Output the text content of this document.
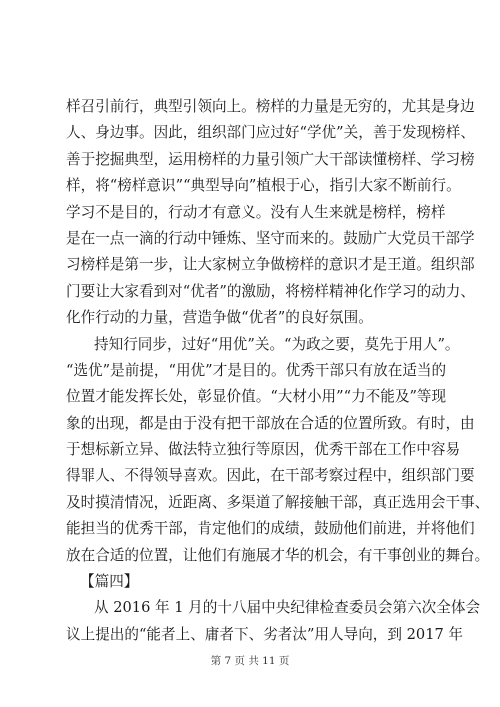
样召引前行，典型引领向上。榜样的力量是无穷的，尤其是身边
人、身边事。因此，组织部门应过好“学优”关，善于发现榜样、
善于挖掘典型，运用榜样的力量引领广大干部读懂榜样、学习榜
样，将“榜样意识”“典型导向”植根于心，指引大家不断前行。
学习不是目的，行动才有意义。没有人生来就是榜样，榜样
是在一点一滴的行动中锤炼、坚守而来的。鼓励广大党员干部学
习榜样是第一步，让大家树立争做榜样的意识才是王道。组织部
门要让大家看到对“优者”的激励，将榜样精神化作学习的动力、
化作行动的力量，营造争做“优者”的良好氛围。
持知行同步，过好“用优”关。“为政之要，莫先于用人”。
“选优”是前提，“用优”才是目的。优秀干部只有放在适当的
位置才能发挥长处，彰显价值。“大材小用”“力不能及”等现
象的出现，都是由于没有把干部放在合适的位置所致。有时，由
于想标新立异、做法特立独行等原因，优秀干部在工作中容易
得罪人、不得领导喜欢。因此，在干部考察过程中，组织部门要
及时摸清情况，近距离、多渠道了解接触干部，真正选用会干事、
能担当的优秀干部，肯定他们的成绩，鼓励他们前进，并将他们
放在合适的位置，让他们有施展才华的机会，有干事创业的舞台。
【篇四】
从 2016 年 1 月的十八届中央纪律检查委员会第六次全体会
议上提出的“能者上、庸者下、劣者汰”用人导向，到 2017 年
第 7 页 共 11 页
